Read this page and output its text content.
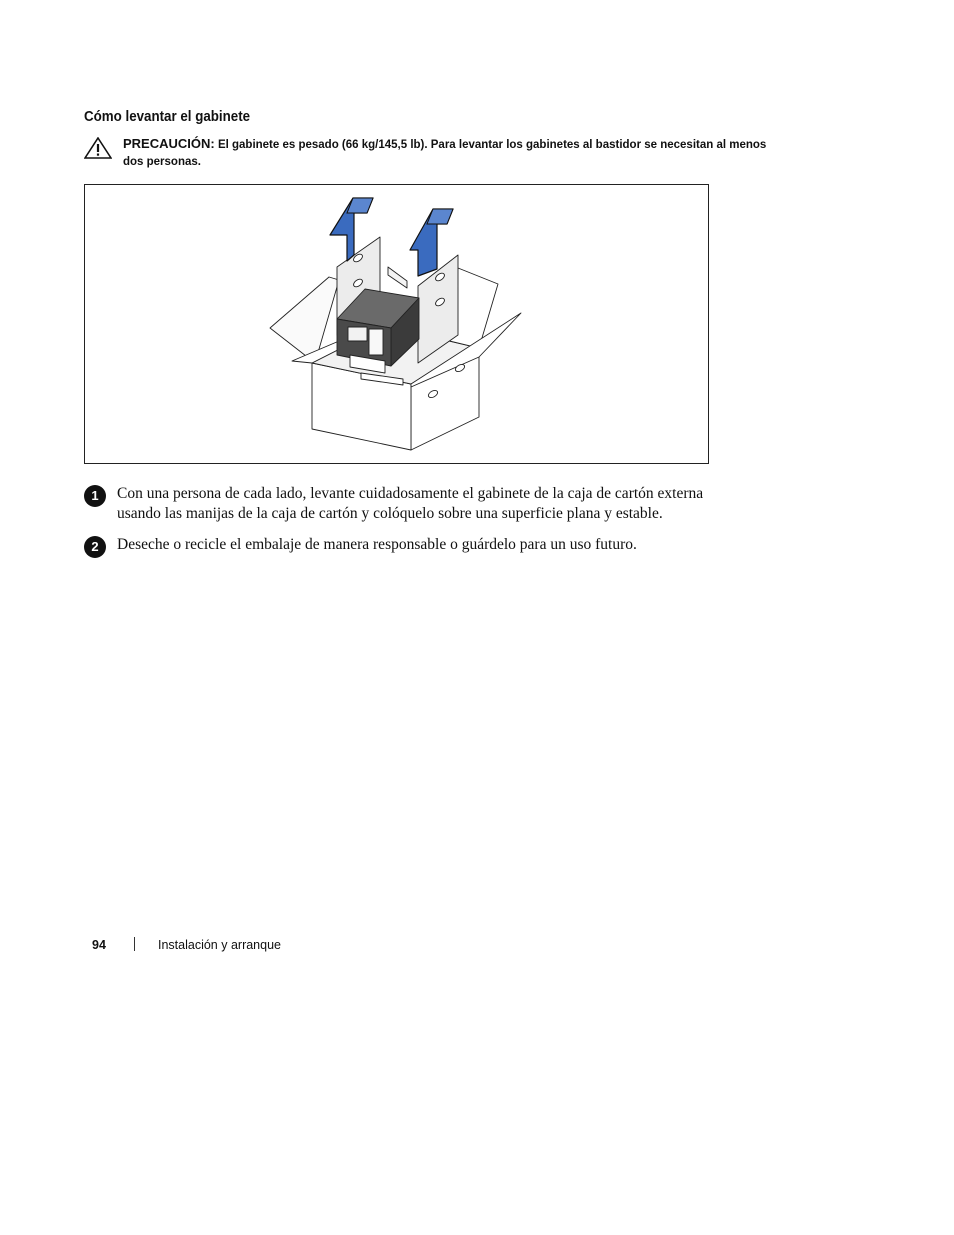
Cómo levantar el gabinete
PRECAUCIÓN: El gabinete es pesado (66 kg/145,5 lb). Para levantar los gabinetes al bastidor se necesitan al menos dos personas.
1	Con una persona de cada lado, levante cuidadosamente el gabinete de la caja de cartón externa usando las manijas de la caja de cartón y colóquelo sobre una superficie plana y estable.
2	Deseche o recicle el embalaje de manera responsable o guárdelo para un uso futuro.
94	Instalación y arranque
